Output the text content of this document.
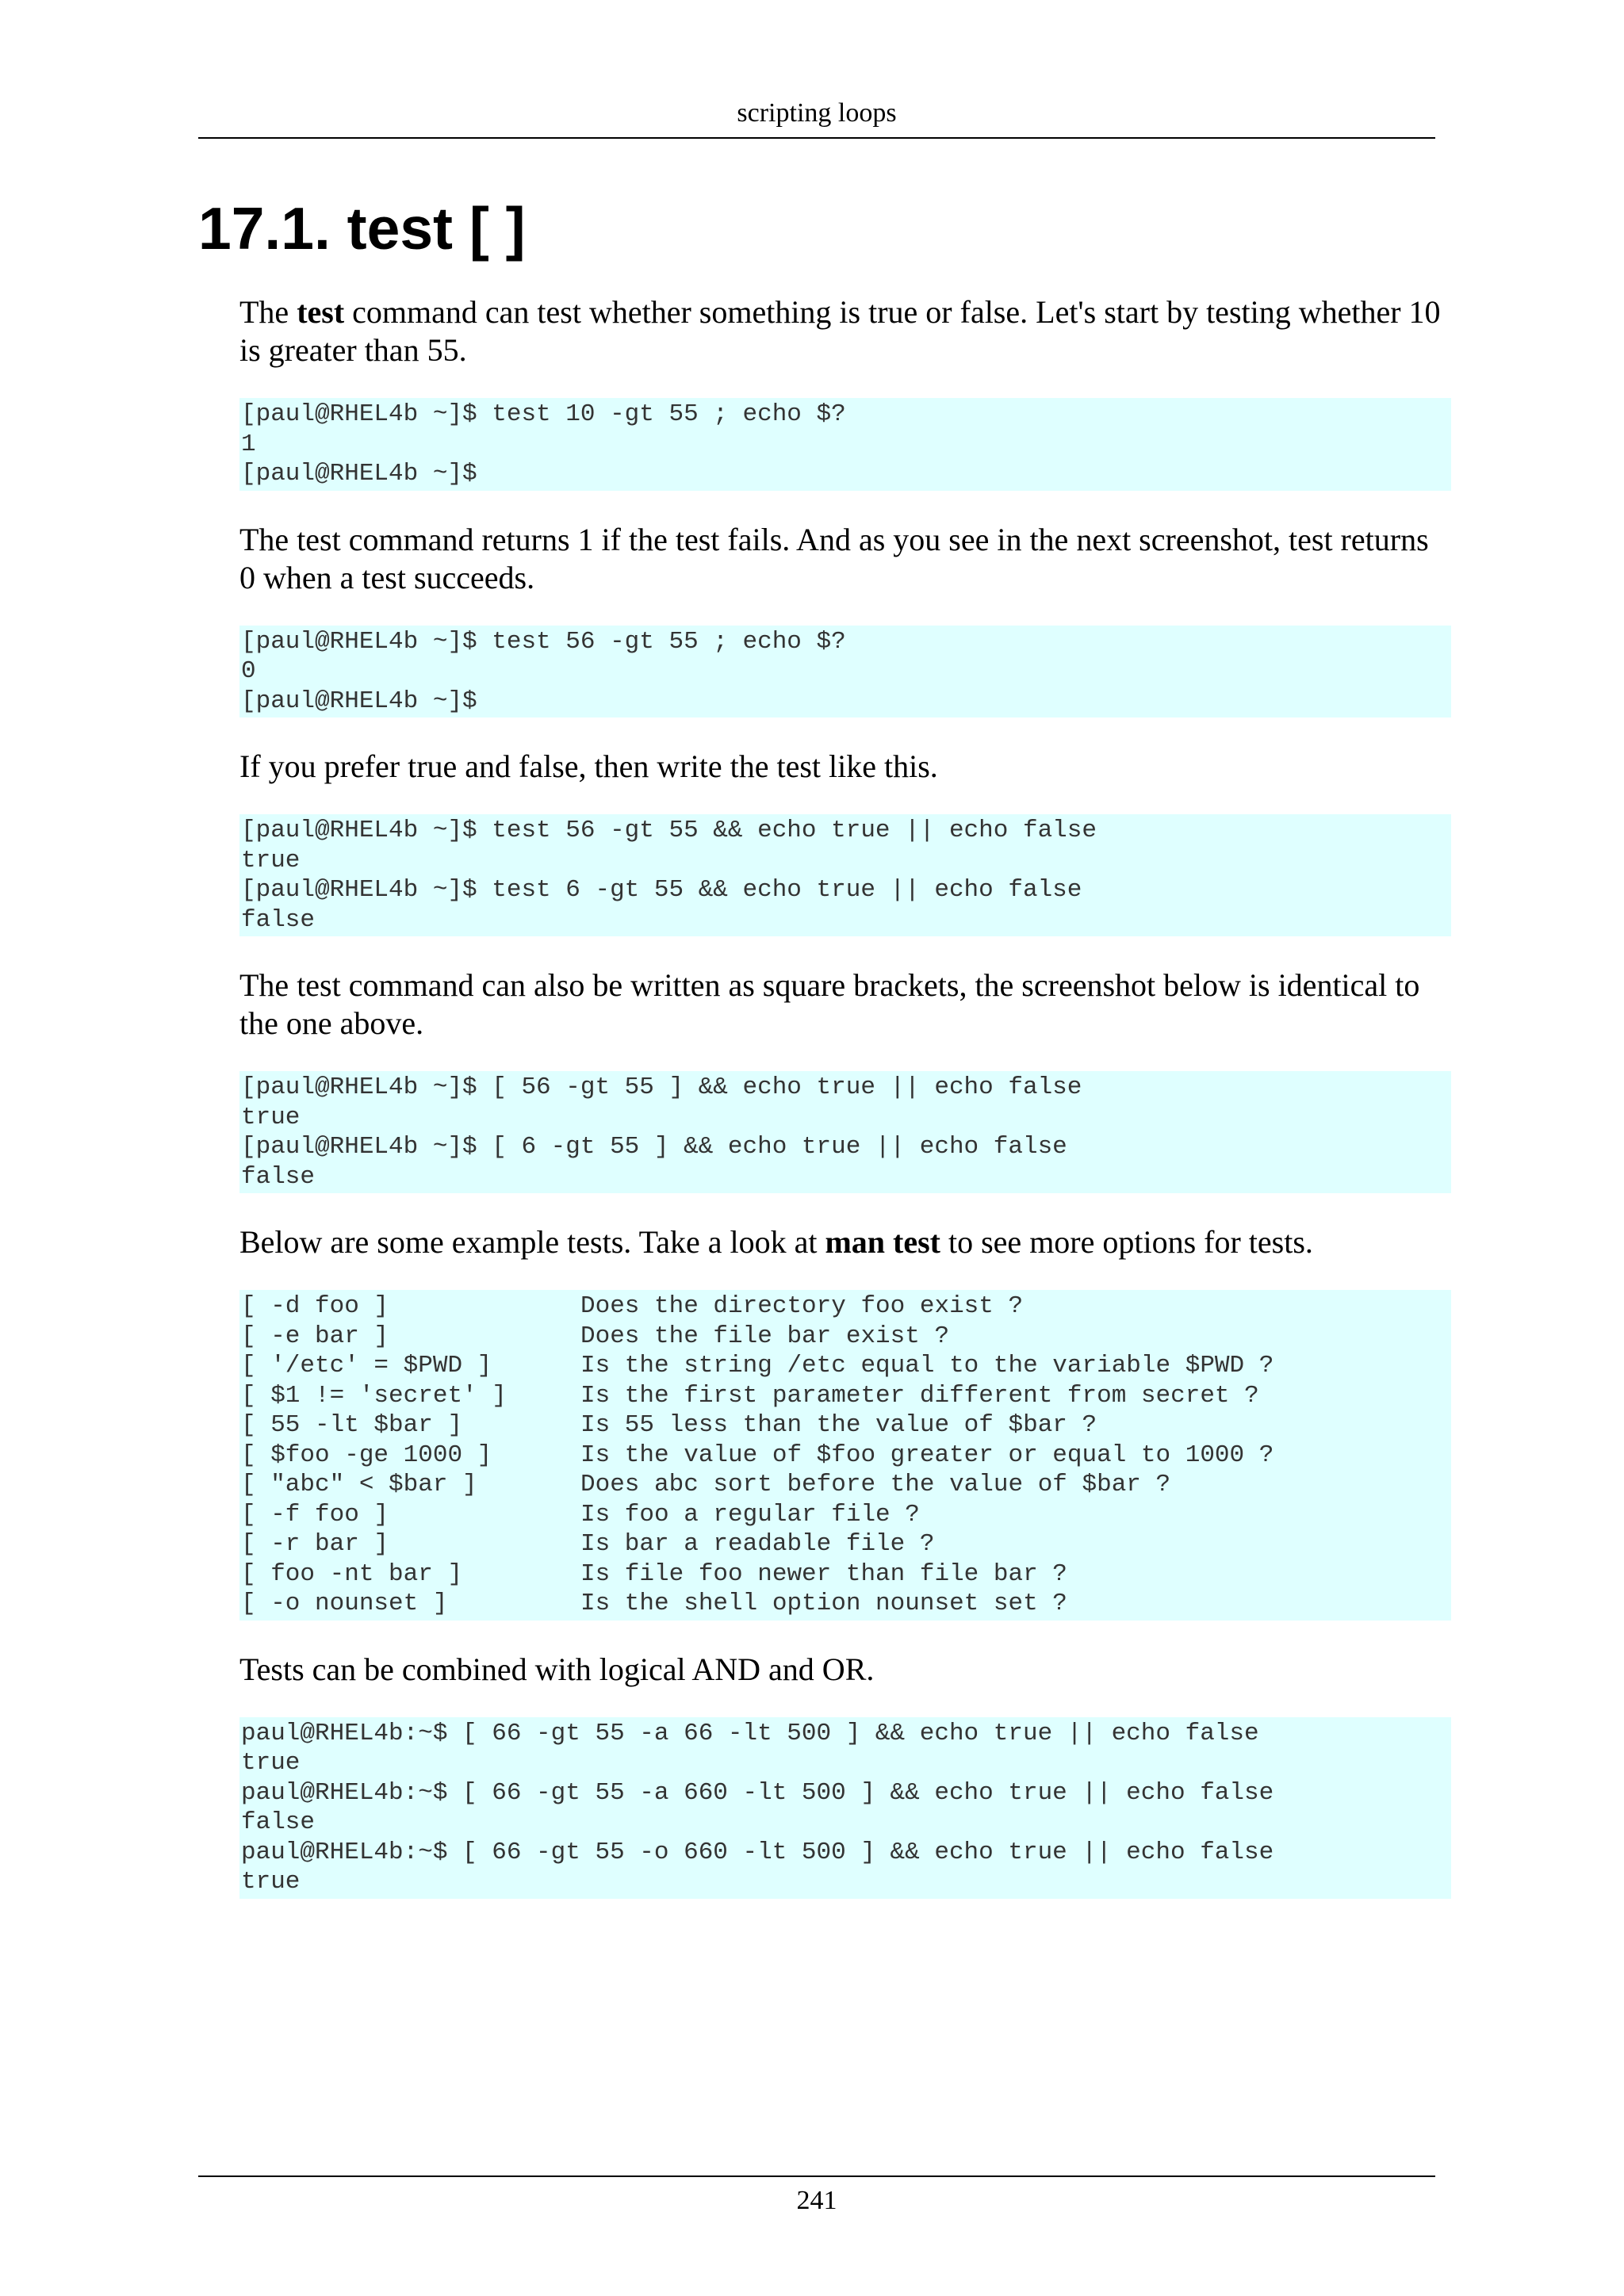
scripting loops
17.1. test [ ]

The test command can test whether something is true or false. Let's start by testing whether 10 is greater than 55.

[paul@RHEL4b ~]$ test 10 -gt 55 ; echo $?
1
[paul@RHEL4b ~]$

The test command returns 1 if the test fails. And as you see in the next screenshot, test returns 0 when a test succeeds.

[paul@RHEL4b ~]$ test 56 -gt 55 ; echo $?
0
[paul@RHEL4b ~]$

If you prefer true and false, then write the test like this.

[paul@RHEL4b ~]$ test 56 -gt 55 && echo true || echo false
true
[paul@RHEL4b ~]$ test 6 -gt 55 && echo true || echo false
false

The test command can also be written as square brackets, the screenshot below is identical to the one above.

[paul@RHEL4b ~]$ [ 56 -gt 55 ] && echo true || echo false
true
[paul@RHEL4b ~]$ [ 6 -gt 55 ] && echo true || echo false
false

Below are some example tests. Take a look at man test to see more options for tests.

[ -d foo ]	Does the directory foo exist ?
[ -e bar ]	Does the file bar exist ?
[ '/etc' = $PWD ]	Is the string /etc equal to the variable $PWD ?
[ $1 != 'secret' ]	Is the first parameter different from secret ?
[ 55 -lt $bar ]	Is 55 less than the value of $bar ?
[ $foo -ge 1000 ]	Is the value of $foo greater or equal to 1000 ?
[ "abc" < $bar ]	Does abc sort before the value of $bar ?
[ -f foo ]	Is foo a regular file ?
[ -r bar ]	Is bar a readable file ?
[ foo -nt bar ]	Is file foo newer than file bar ?
[ -o nounset ]	Is the shell option nounset set ?

Tests can be combined with logical AND and OR.

paul@RHEL4b:~$ [ 66 -gt 55 -a 66 -lt 500 ] && echo true || echo false
true
paul@RHEL4b:~$ [ 66 -gt 55 -a 660 -lt 500 ] && echo true || echo false
false
paul@RHEL4b:~$ [ 66 -gt 55 -o 660 -lt 500 ] && echo true || echo false
true
241
